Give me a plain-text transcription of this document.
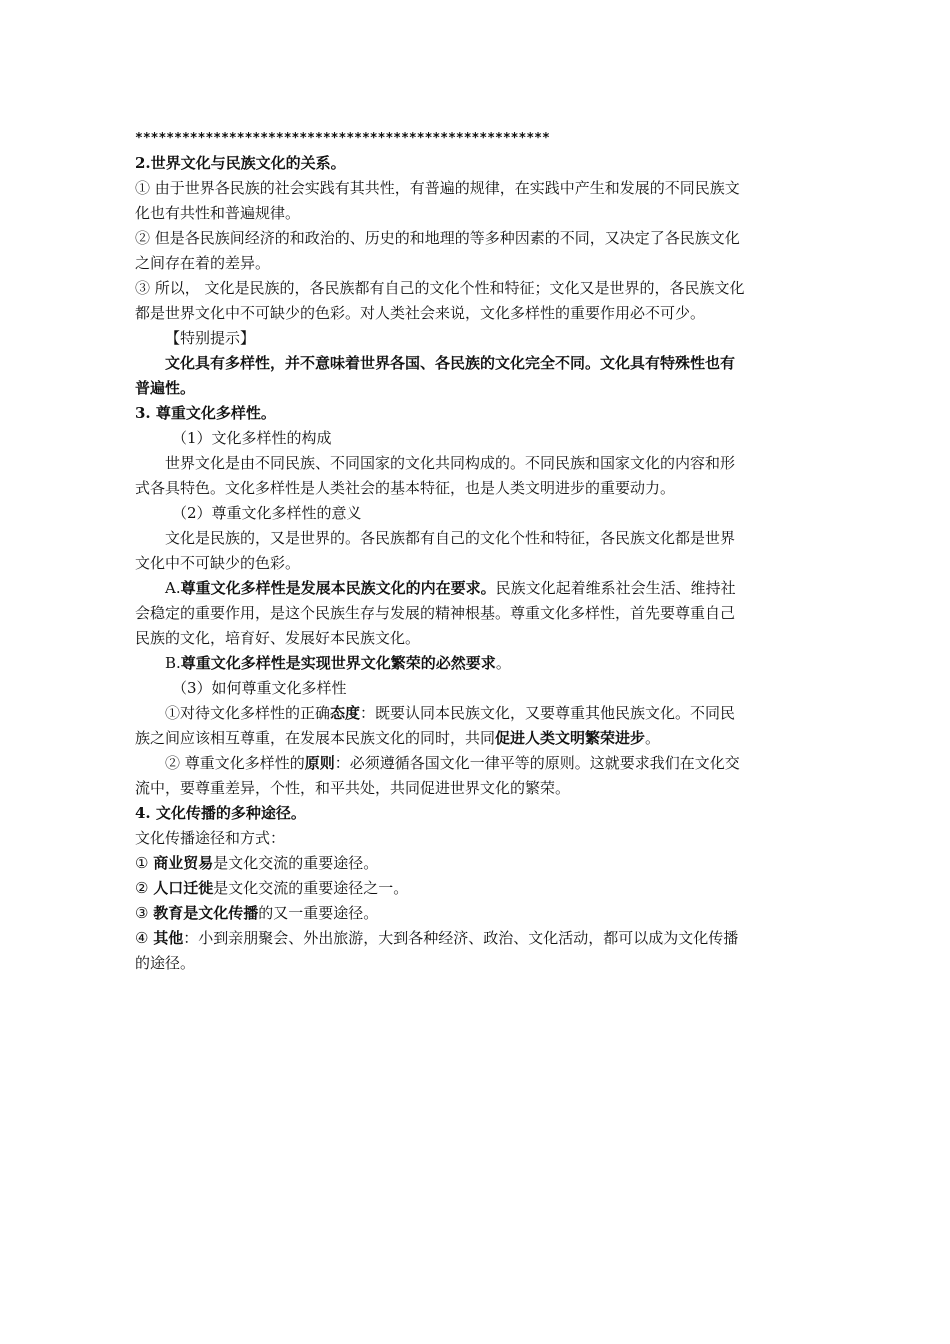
*****************************************************
2.世界文化与民族文化的关系。
① 由于世界各民族的社会实践有其共性，有普遍的规律，在实践中产生和发展的不同民族文
化也有共性和普遍规律。
② 但是各民族间经济的和政治的、历史的和地理的等多种因素的不同，又决定了各民族文化
之间存在着的差异。
③ 所以， 文化是民族的，各民族都有自己的文化个性和特征；文化又是世界的，各民族文化
都是世界文化中不可缺少的色彩。对人类社会来说，文化多样性的重要作用必不可少。
【特别提示】
文化具有多样性，并不意味着世界各国、各民族的文化完全不同。文化具有特殊性也有
普遍性。
3. 尊重文化多样性。
（1）文化多样性的构成
世界文化是由不同民族、不同国家的文化共同构成的。不同民族和国家文化的内容和形
式各具特色。文化多样性是人类社会的基本特征，也是人类文明进步的重要动力。
（2）尊重文化多样性的意义
文化是民族的，又是世界的。各民族都有自己的文化个性和特征，各民族文化都是世界
文化中不可缺少的色彩。
A.尊重文化多样性是发展本民族文化的内在要求。民族文化起着维系社会生活、维持社
会稳定的重要作用，是这个民族生存与发展的精神根基。尊重文化多样性，首先要尊重自己
民族的文化，培育好、发展好本民族文化。
B.尊重文化多样性是实现世界文化繁荣的必然要求。
（3）如何尊重文化多样性
①对待文化多样性的正确态度：既要认同本民族文化，又要尊重其他民族文化。不同民
族之间应该相互尊重，在发展本民族文化的同时，共同促进人类文明繁荣进步。
② 尊重文化多样性的原则：必须遵循各国文化一律平等的原则。这就要求我们在文化交
流中，要尊重差异，个性，和平共处，共同促进世界文化的繁荣。
4. 文化传播的多种途径。
文化传播途径和方式：
① 商业贸易是文化交流的重要途径。
② 人口迁徙是文化交流的重要途径之一。
③ 教育是文化传播的又一重要途径。
④ 其他：小到亲朋聚会、外出旅游，大到各种经济、政治、文化活动，都可以成为文化传播
的途径。
